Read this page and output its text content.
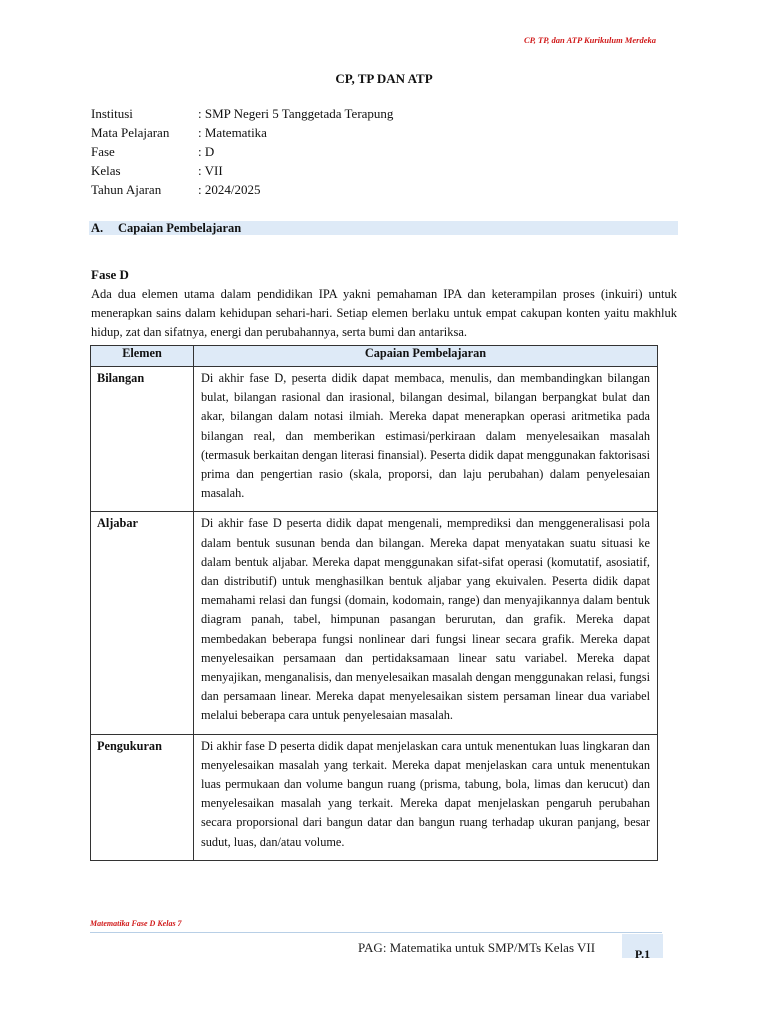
CP, TP, dan ATP Kurikulum Merdeka
CP, TP DAN ATP
Institusi	: SMP Negeri 5 Tanggetada Terapung
Mata Pelajaran	: Matematika
Fase	: D
Kelas	: VII
Tahun Ajaran	: 2024/2025
A. Capaian Pembelajaran
Fase D
Ada dua elemen utama dalam pendidikan IPA yakni pemahaman IPA dan keterampilan proses (inkuiri) untuk menerapkan sains dalam kehidupan sehari-hari. Setiap elemen berlaku untuk empat cakupan konten yaitu makhluk hidup, zat dan sifatnya, energi dan perubahannya, serta bumi dan antariksa.
Elemen	Capaian Pembelajaran
Bilangan	Di akhir fase D, peserta didik dapat membaca, menulis, dan membandingkan bilangan bulat, bilangan rasional dan irasional, bilangan desimal, bilangan berpangkat bulat dan akar, bilangan dalam notasi ilmiah. Mereka dapat menerapkan operasi aritmetika pada bilangan real, dan memberikan estimasi/perkiraan dalam menyelesaikan masalah (termasuk berkaitan dengan literasi finansial). Peserta didik dapat menggunakan faktorisasi prima dan pengertian rasio (skala, proporsi, dan laju perubahan) dalam penyelesaian masalah.
Aljabar	Di akhir fase D peserta didik dapat mengenali, memprediksi dan menggeneralisasi pola dalam bentuk susunan benda dan bilangan. Mereka dapat menyatakan suatu situasi ke dalam bentuk aljabar. Mereka dapat menggunakan sifat-sifat operasi (komutatif, asosiatif, dan distributif) untuk menghasilkan bentuk aljabar yang ekuivalen. Peserta didik dapat memahami relasi dan fungsi (domain, kodomain, range) dan menyajikannya dalam bentuk diagram panah, tabel, himpunan pasangan berurutan, dan grafik. Mereka dapat membedakan beberapa fungsi nonlinear dari fungsi linear secara grafik. Mereka dapat menyelesaikan persamaan dan pertidaksamaan linear satu variabel. Mereka dapat menyajikan, menganalisis, dan menyelesaikan masalah dengan menggunakan relasi, fungsi dan persamaan linear. Mereka dapat menyelesaikan sistem persaman linear dua variabel melalui beberapa cara untuk penyelesaian masalah.
Pengukuran	Di akhir fase D peserta didik dapat menjelaskan cara untuk menentukan luas lingkaran dan menyelesaikan masalah yang terkait. Mereka dapat menjelaskan cara untuk menentukan luas permukaan dan volume bangun ruang (prisma, tabung, bola, limas dan kerucut) dan menyelesaikan masalah yang terkait. Mereka dapat menjelaskan pengaruh perubahan secara proporsional dari bangun datar dan bangun ruang terhadap ukuran panjang, besar sudut, luas, dan/atau volume.
Matematika Fase D Kelas 7
PAG: Matematika untuk SMP/MTs Kelas VII	P.1
